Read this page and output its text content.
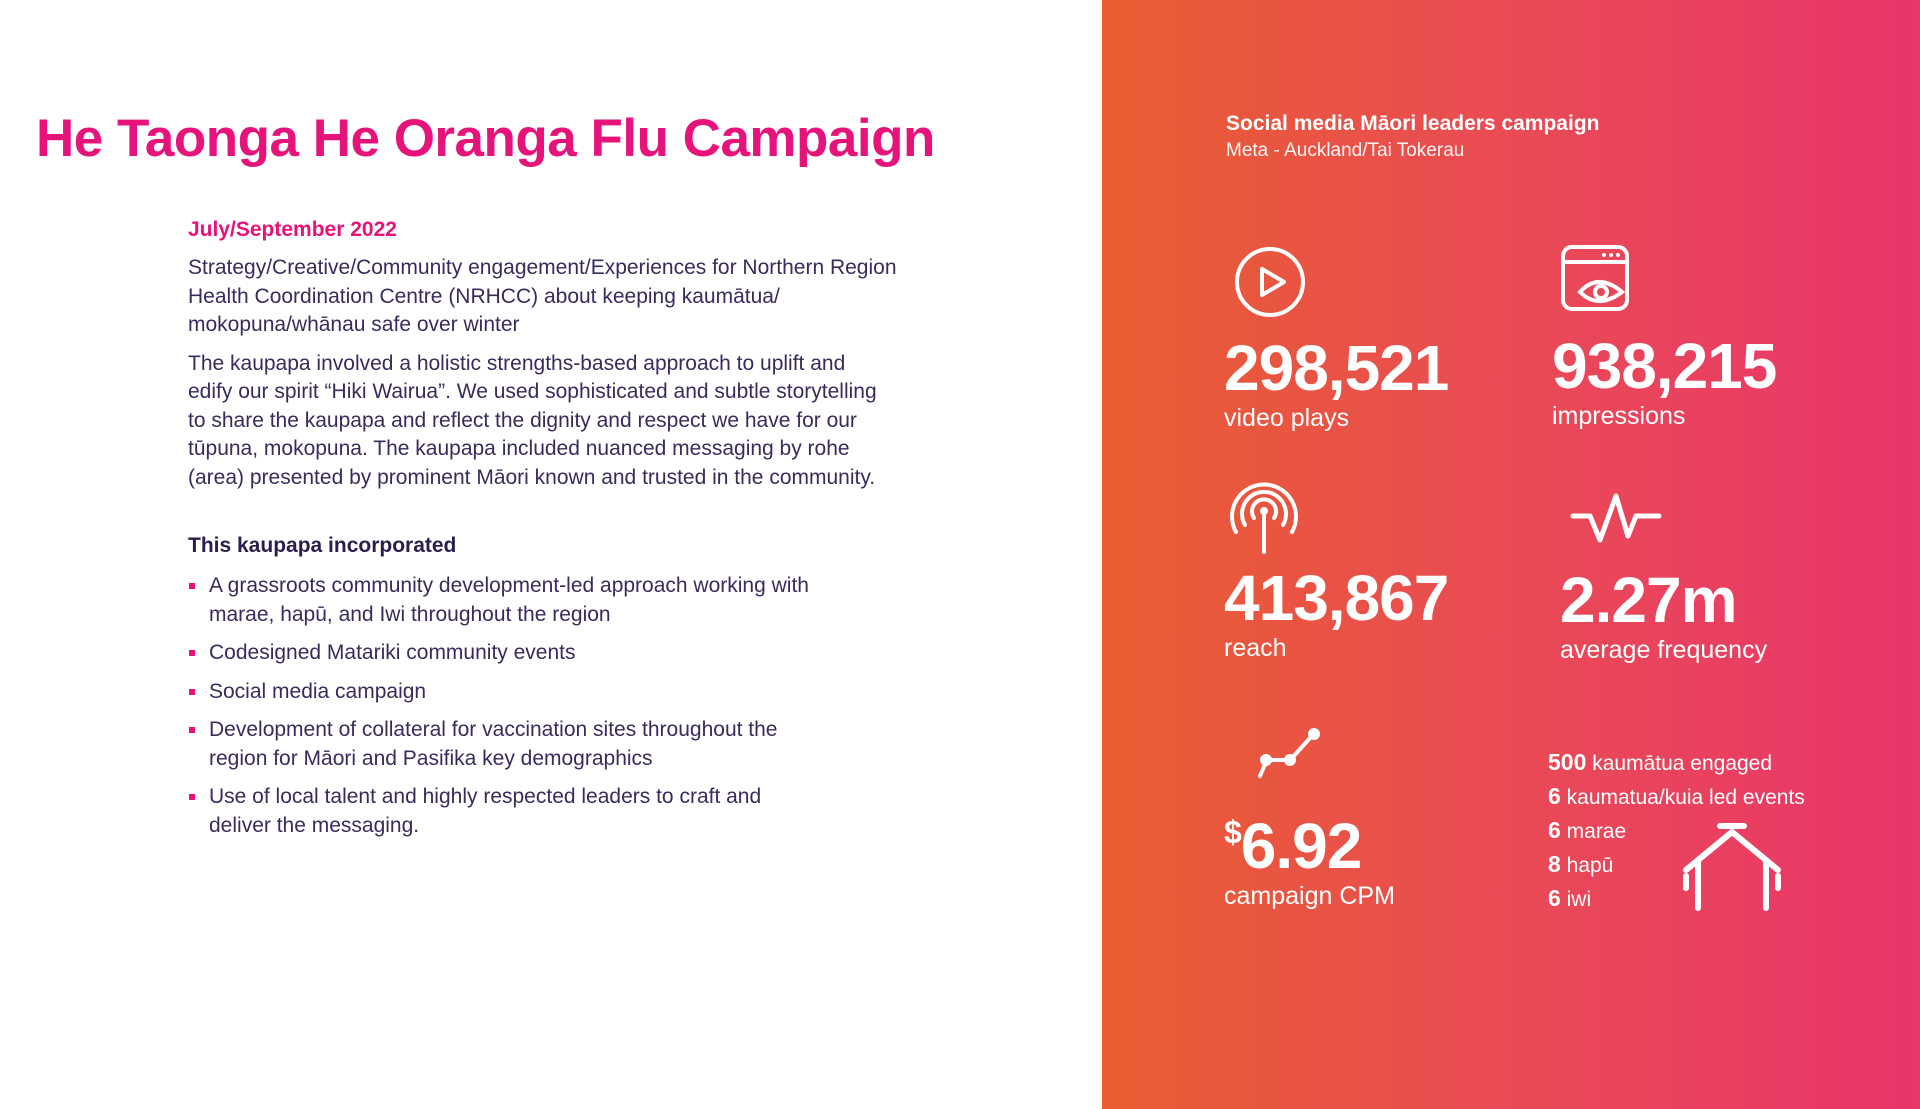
He Taonga He Oranga Flu Campaign

July/September 2022

Strategy/Creative/Community engagement/Experiences for Northern Region Health Coordination Centre (NRHCC) about keeping kaumātua/ mokopuna/whānau safe over winter

The kaupapa involved a holistic strengths-based approach to uplift and edify our spirit “Hiki Wairua”. We used sophisticated and subtle storytelling to share the kaupapa and reflect the dignity and respect we have for our tūpuna, mokopuna. The kaupapa included nuanced messaging by rohe (area) presented by prominent Māori known and trusted in the community.

This kaupapa incorporated

A grassroots community development-led approach working with marae, hapū, and Iwi throughout the region
Codesigned Matariki community events
Social media campaign
Development of collateral for vaccination sites throughout the region for Māori and Pasifika key demographics
Use of local talent and highly respected leaders to craft and deliver the messaging.

Social media Māori leaders campaign

Meta - Auckland/Tai Tokerau

298,521

video plays

938,215

impressions

413,867

reach

2.27m

average frequency

$6.92

campaign CPM

500 kaumātua engaged
6 kaumatua/kuia led events
6 marae
8 hapū
6 iwi
